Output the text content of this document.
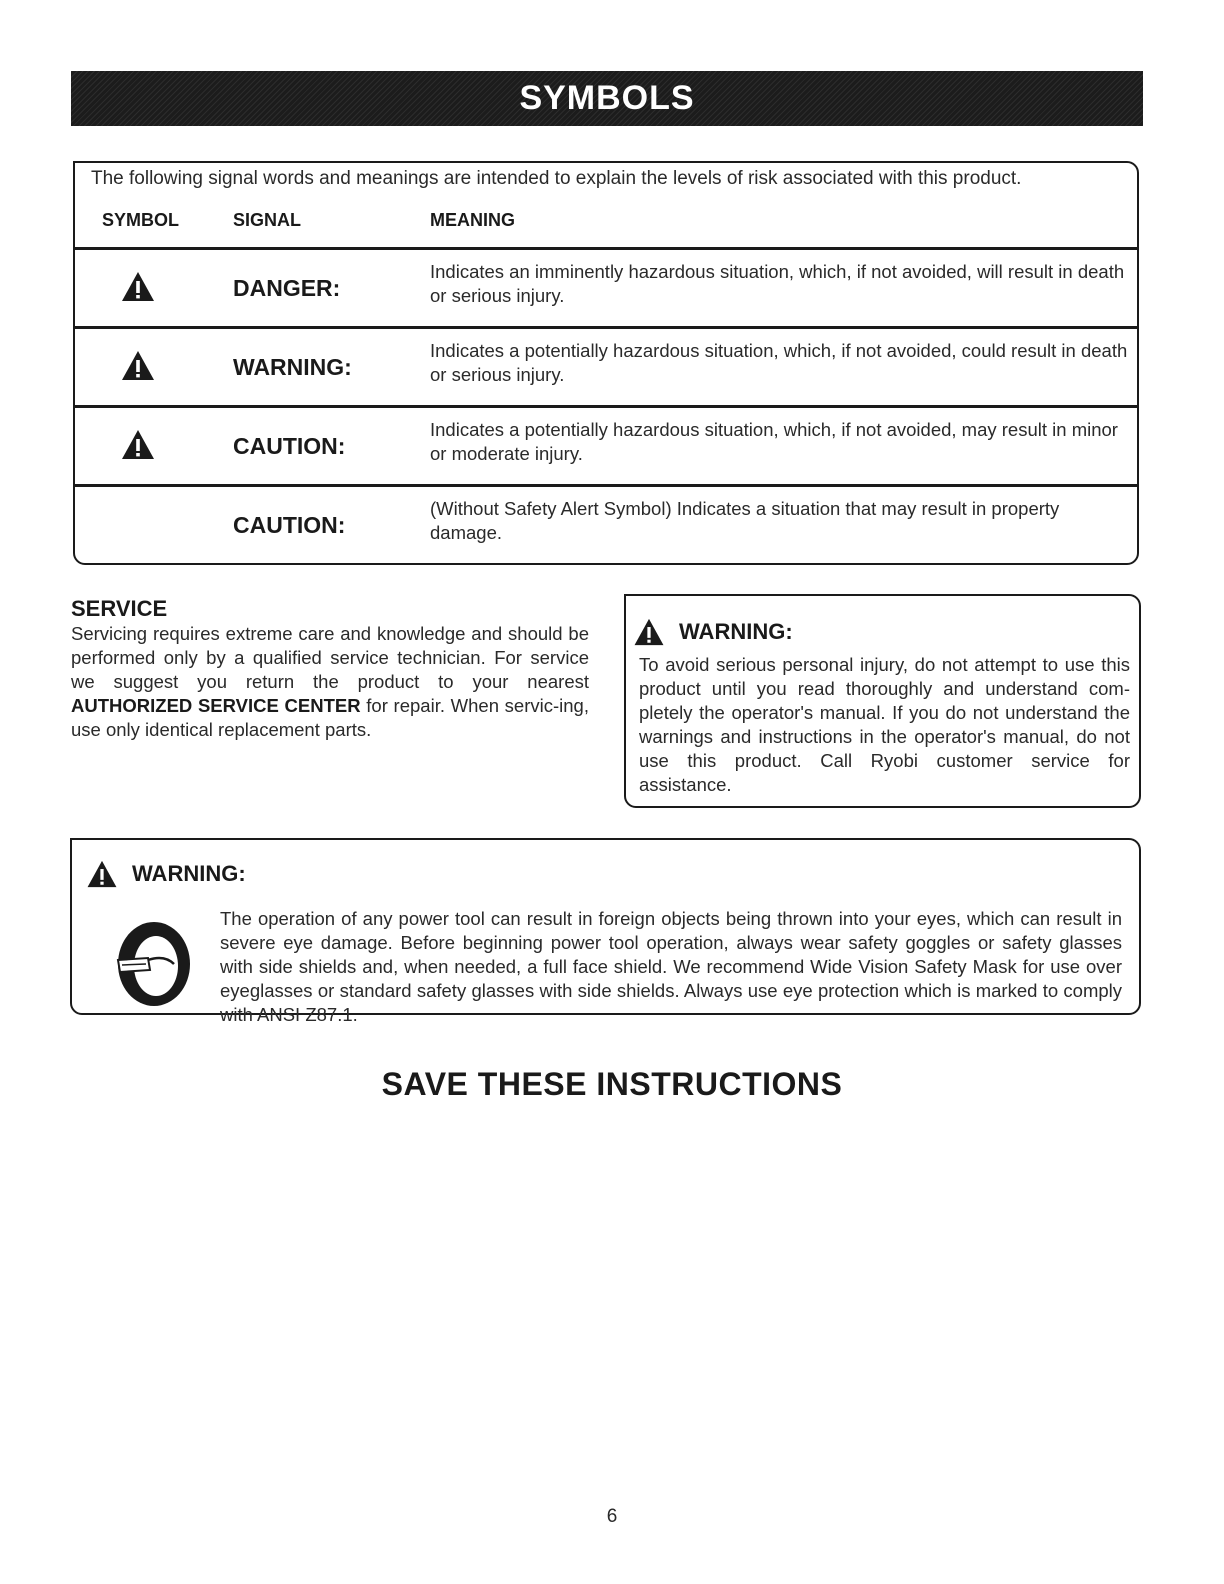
SYMBOLS
The following signal words and meanings are intended to explain the levels of risk associated with this product.
SYMBOL	SIGNAL	MEANING
DANGER:
Indicates an imminently hazardous situation, which, if not avoided, will result in death or serious injury.
WARNING:
Indicates a potentially hazardous situation, which, if not avoided, could result in death or serious injury.
CAUTION:
Indicates a potentially hazardous situation, which, if not avoided, may result in minor or moderate injury.
CAUTION:
(Without Safety Alert Symbol) Indicates a situation that may result in property damage.
SERVICE
Servicing requires extreme care and knowledge and should be performed only by a qualified service technician. For service we suggest you return the product to your nearest AUTHORIZED SERVICE CENTER for repair. When servic-ing, use only identical replacement parts.
WARNING:
To avoid serious personal injury, do not attempt to use this product until you read thoroughly and understand com-pletely the operator's manual. If you do not understand the warnings and instructions in the operator's manual, do not use this product. Call Ryobi customer service for assistance.
WARNING:
The operation of any power tool can result in foreign objects being thrown into your eyes, which can result in severe eye damage. Before beginning power tool operation, always wear safety goggles or safety glasses with side shields and, when needed, a full face shield. We recommend Wide Vision Safety Mask for use over eyeglasses or standard safety glasses with side shields. Always use eye protection which is marked to comply with ANSI Z87.1.
SAVE THESE INSTRUCTIONS
6
